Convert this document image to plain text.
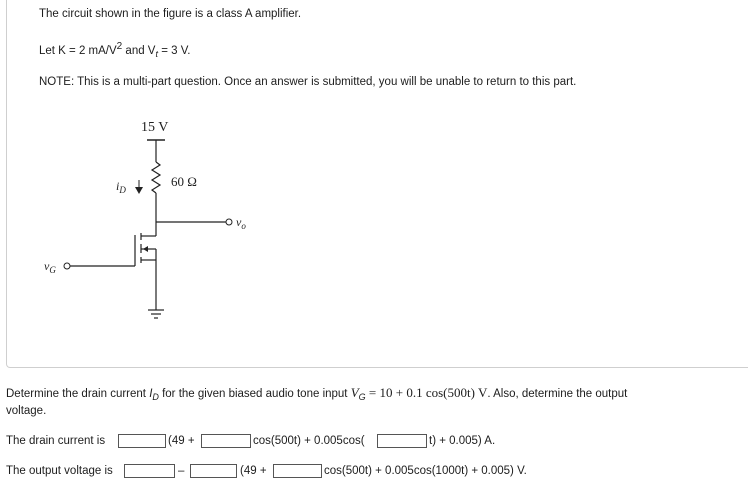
The circuit shown in the figure is a class A amplifier.
Let K = 2 mA/V2 and $V_t = 3$ V.
NOTE: This is a multi-part question. Once an answer is submitted, you will be unable to return to this part.
15 V
60 Ω
$i_D$
$v_o$
$v_G$
Determine the drain current $I_D$ for the given biased audio tone input $V_G = 10 + 0.1$ cos(500t) V. Also, determine the output
voltage.
The drain current is	(49 +	cos(500t) + 0.005cos(	t) + 0.005) A.
The output voltage is	–	(49 +	cos(500t) + 0.005cos(1000t) + 0.005) V.
